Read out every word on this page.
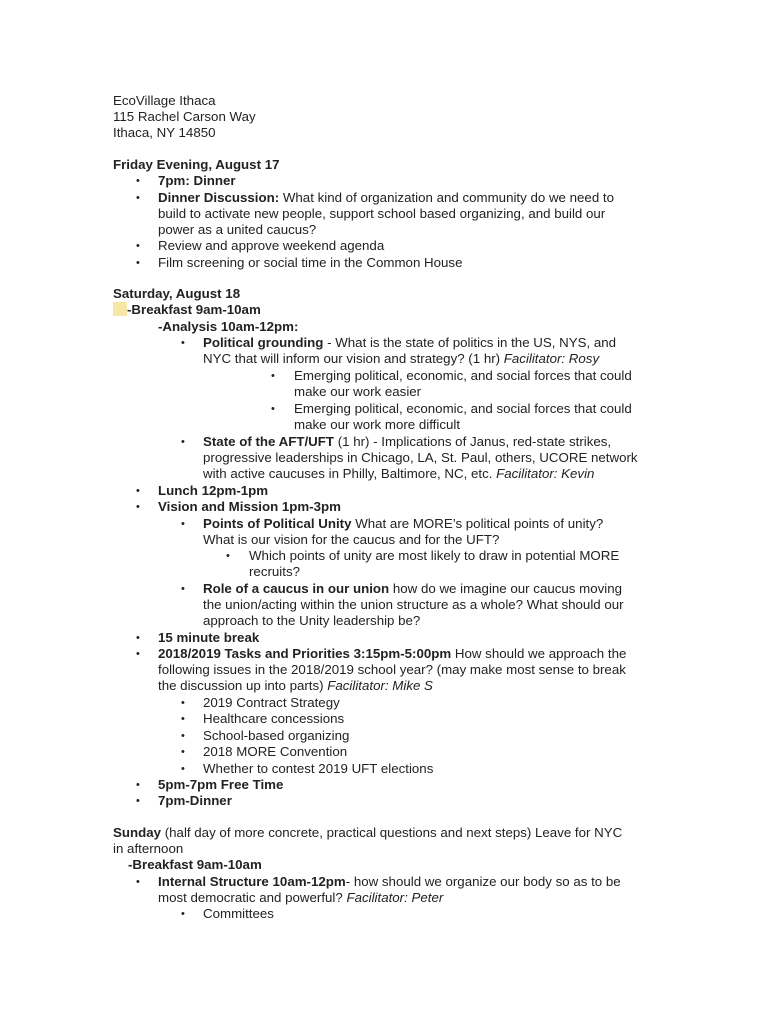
EcoVillage Ithaca
115 Rachel Carson Way
Ithaca, NY 14850
Friday Evening, August 17
• 7pm: Dinner
• Dinner Discussion: What kind of organization and community do we need to
build to activate new people, support school based organizing, and build our
power as a united caucus?
• Review and approve weekend agenda
• Film screening or social time in the Common House
Saturday, August 18
-Breakfast 9am-10am
-Analysis 10am-12pm:
• Political grounding - What is the state of politics in the US, NYS, and
NYC that will inform our vision and strategy? (1 hr) Facilitator: Rosy
• Emerging political, economic, and social forces that could
make our work easier
• Emerging political, economic, and social forces that could
make our work more difficult
• State of the AFT/UFT (1 hr) - Implications of Janus, red-state strikes,
progressive leaderships in Chicago, LA, St. Paul, others, UCORE network
with active caucuses in Philly, Baltimore, NC, etc. Facilitator: Kevin
• Lunch 12pm-1pm
• Vision and Mission 1pm-3pm
• Points of Political Unity What are MORE’s political points of unity?
What is our vision for the caucus and for the UFT?
• Which points of unity are most likely to draw in potential MORE
recruits?
• Role of a caucus in our union how do we imagine our caucus moving
the union/acting within the union structure as a whole? What should our
approach to the Unity leadership be?
• 15 minute break
• 2018/2019 Tasks and Priorities 3:15pm-5:00pm How should we approach the
following issues in the 2018/2019 school year? (may make most sense to break
the discussion up into parts) Facilitator: Mike S
• 2019 Contract Strategy
• Healthcare concessions
• School-based organizing
• 2018 MORE Convention
• Whether to contest 2019 UFT elections
• 5pm-7pm Free Time
• 7pm-Dinner
Sunday (half day of more concrete, practical questions and next steps) Leave for NYC
in afternoon
-Breakfast 9am-10am
• Internal Structure 10am-12pm- how should we organize our body so as to be
most democratic and powerful? Facilitator: Peter
• Committees
